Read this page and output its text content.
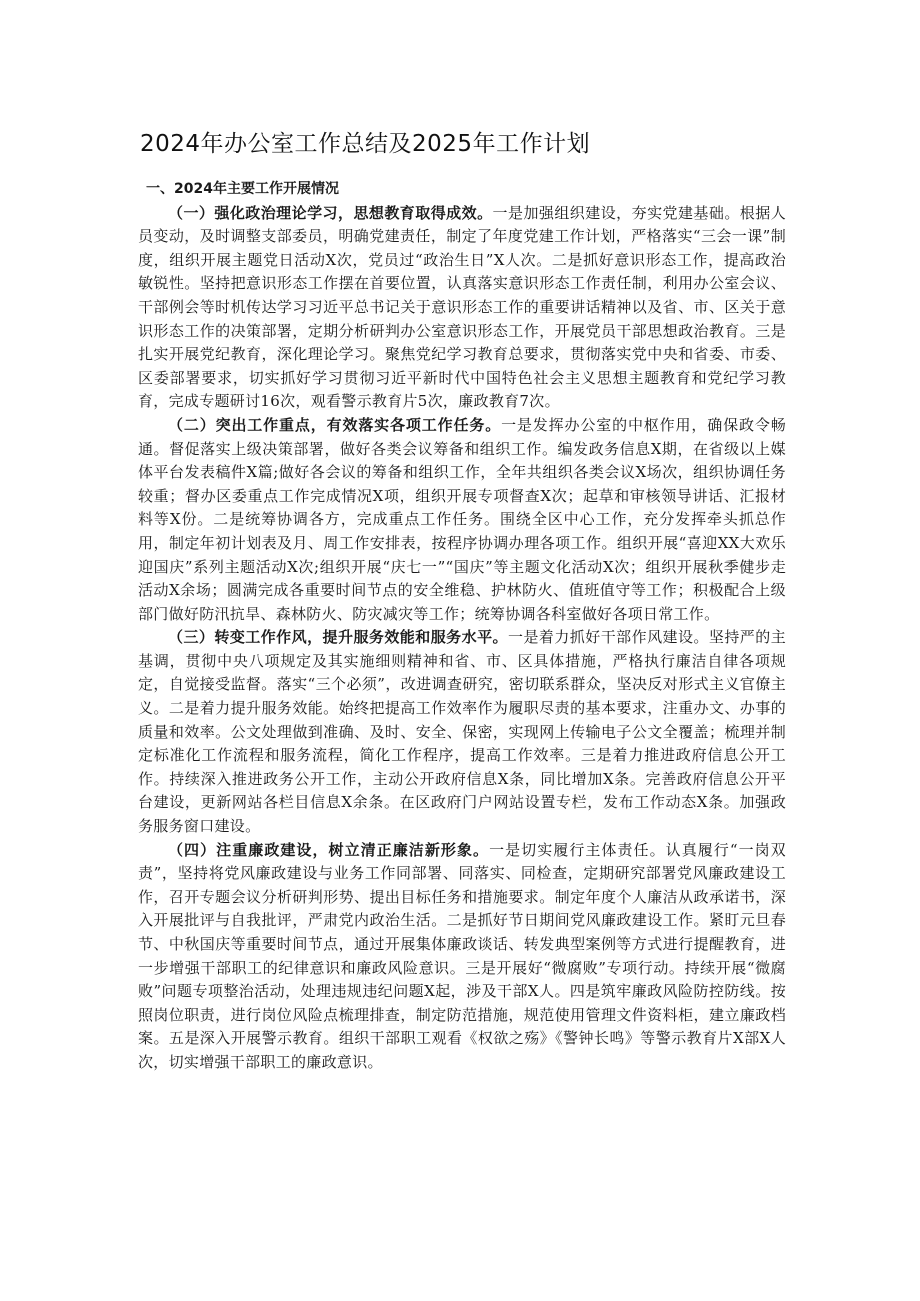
2024年办公室工作总结及2025年工作计划
一、2024年主要工作开展情况

（一）强化政治理论学习，思想教育取得成效。一是加强组织建设，夯实党建基础。根据人员变动，及时调整支部委员，明确党建责任，制定了年度党建工作计划，严格落实“三会一课”制度，组织开展主题党日活动X次，党员过“政治生日”X人次。二是抓好意识形态工作，提高政治敏锐性。坚持把意识形态工作摆在首要位置，认真落实意识形态工作责任制，利用办公室会议、干部例会等时机传达学习习近平总书记关于意识形态工作的重要讲话精神以及省、市、区关于意识形态工作的决策部署，定期分析研判办公室意识形态工作，开展党员干部思想政治教育。三是扎实开展党纪教育，深化理论学习。聚焦党纪学习教育总要求，贯彻落实党中央和省委、市委、区委部署要求，切实抓好学习贯彻习近平新时代中国特色社会主义思想主题教育和党纪学习教育，完成专题研讨16次，观看警示教育片5次，廉政教育7次。

（二）突出工作重点，有效落实各项工作任务。一是发挥办公室的中枢作用，确保政令畅通。督促落实上级决策部署，做好各类会议筹备和组织工作。编发政务信息X期，在省级以上媒体平台发表稿件X篇;做好各会议的筹备和组织工作，全年共组织各类会议X场次，组织协调任务较重；督办区委重点工作完成情况X项，组织开展专项督查X次；起草和审核领导讲话、汇报材料等X份。二是统筹协调各方，完成重点工作任务。围绕全区中心工作，充分发挥牵头抓总作用，制定年初计划表及月、周工作安排表，按程序协调办理各项工作。组织开展“喜迎XX大欢乐迎国庆”系列主题活动X次;组织开展“庆七一”“国庆”等主题文化活动X次；组织开展秋季健步走活动X余场；圆满完成各重要时间节点的安全维稳、护林防火、值班值守等工作；积极配合上级部门做好防汛抗旱、森林防火、防灾减灾等工作；统筹协调各科室做好各项日常工作。

（三）转变工作作风，提升服务效能和服务水平。一是着力抓好干部作风建设。坚持严的主基调，贯彻中央八项规定及其实施细则精神和省、市、区具体措施，严格执行廉洁自律各项规定，自觉接受监督。落实“三个必须”，改进调查研究，密切联系群众，坚决反对形式主义官僚主义。二是着力提升服务效能。始终把提高工作效率作为履职尽责的基本要求，注重办文、办事的质量和效率。公文处理做到准确、及时、安全、保密，实现网上传输电子公文全覆盖；梳理并制定标准化工作流程和服务流程，简化工作程序，提高工作效率。三是着力推进政府信息公开工作。持续深入推进政务公开工作，主动公开政府信息X条，同比增加X条。完善政府信息公开平台建设，更新网站各栏目信息X余条。在区政府门户网站设置专栏，发布工作动态X条。加强政务服务窗口建设。

（四）注重廉政建设，树立清正廉洁新形象。一是切实履行主体责任。认真履行“一岗双责”，坚持将党风廉政建设与业务工作同部署、同落实、同检查，定期研究部署党风廉政建设工作，召开专题会议分析研判形势、提出目标任务和措施要求。制定年度个人廉洁从政承诺书，深入开展批评与自我批评，严肃党内政治生活。二是抓好节日期间党风廉政建设工作。紧盯元旦春节、中秋国庆等重要时间节点，通过开展集体廉政谈话、转发典型案例等方式进行提醒教育，进一步增强干部职工的纪律意识和廉政风险意识。三是开展好“微腐败”专项行动。持续开展“微腐败”问题专项整治活动，处理违规违纪问题X起，涉及干部X人。四是筑牢廉政风险防控防线。按照岗位职责，进行岗位风险点梳理排查，制定防范措施，规范使用管理文件资料柜，建立廉政档案。五是深入开展警示教育。组织干部职工观看《权欲之殇》《警钟长鸣》等警示教育片X部X人次，切实增强干部职工的廉政意识。
